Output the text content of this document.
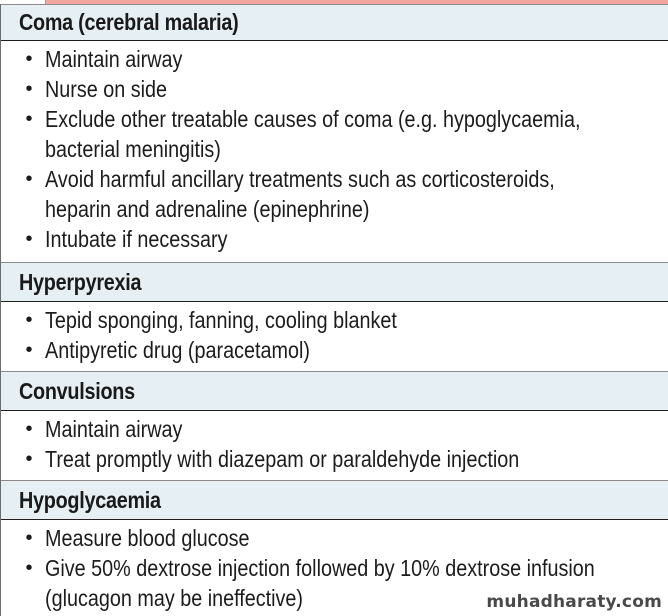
Coma (cerebral malaria)
• Maintain airway
• Nurse on side
• Exclude other treatable causes of coma (e.g. hypoglycaemia,
bacterial meningitis)
• Avoid harmful ancillary treatments such as corticosteroids,
heparin and adrenaline (epinephrine)
• Intubate if necessary
Hyperpyrexia
• Tepid sponging, fanning, cooling blanket
• Antipyretic drug (paracetamol)
Convulsions
• Maintain airway
• Treat promptly with diazepam or paraldehyde injection
Hypoglycaemia
• Measure blood glucose
• Give 50% dextrose injection followed by 10% dextrose infusion
(glucagon may be ineffective)	muhadharaty.com
